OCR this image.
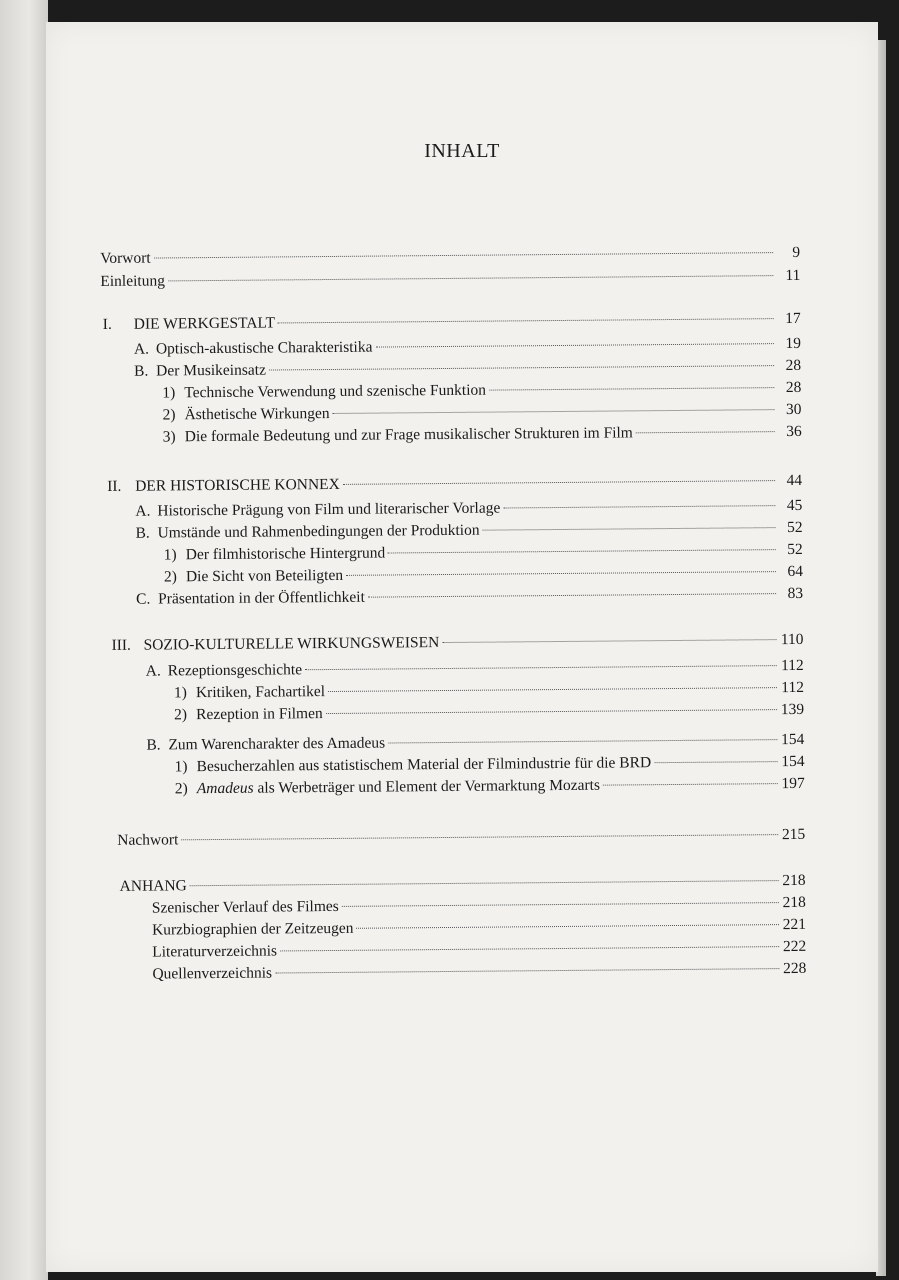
INHALT
Vorwort	9
Einleitung	11
I.	DIE WERKGESTALT	17
A. Optisch-akustische Charakteristika	19
B. Der Musikeinsatz	28
1) Technische Verwendung und szenische Funktion	28
2) Ästhetische Wirkungen	30
3) Die formale Bedeutung und zur Frage musikalischer Strukturen im Film	36
II. DER HISTORISCHE KONNEX	44
A. Historische Prägung von Film und literarischer Vorlage	45
B. Umstände und Rahmenbedingungen der Produktion	52
1) Der filmhistorische Hintergrund	52
2) Die Sicht von Beteiligten	64
C. Präsentation in der Öffentlichkeit	83
III. SOZIO-KULTURELLE WIRKUNGSWEISEN	110
A. Rezeptionsgeschichte	112
1) Kritiken, Fachartikel	112
2) Rezeption in Filmen	139
B. Zum Warencharakter des Amadeus	154
1) Besucherzahlen aus statistischem Material der Filmindustrie für die BRD	154
2) Amadeus als Werbeträger und Element der Vermarktung Mozarts	197
Nachwort	215
ANHANG	218
Szenischer Verlauf des Filmes	218
Kurzbiographien der Zeitzeugen	221
Literaturverzeichnis	222
Quellenverzeichnis	228
